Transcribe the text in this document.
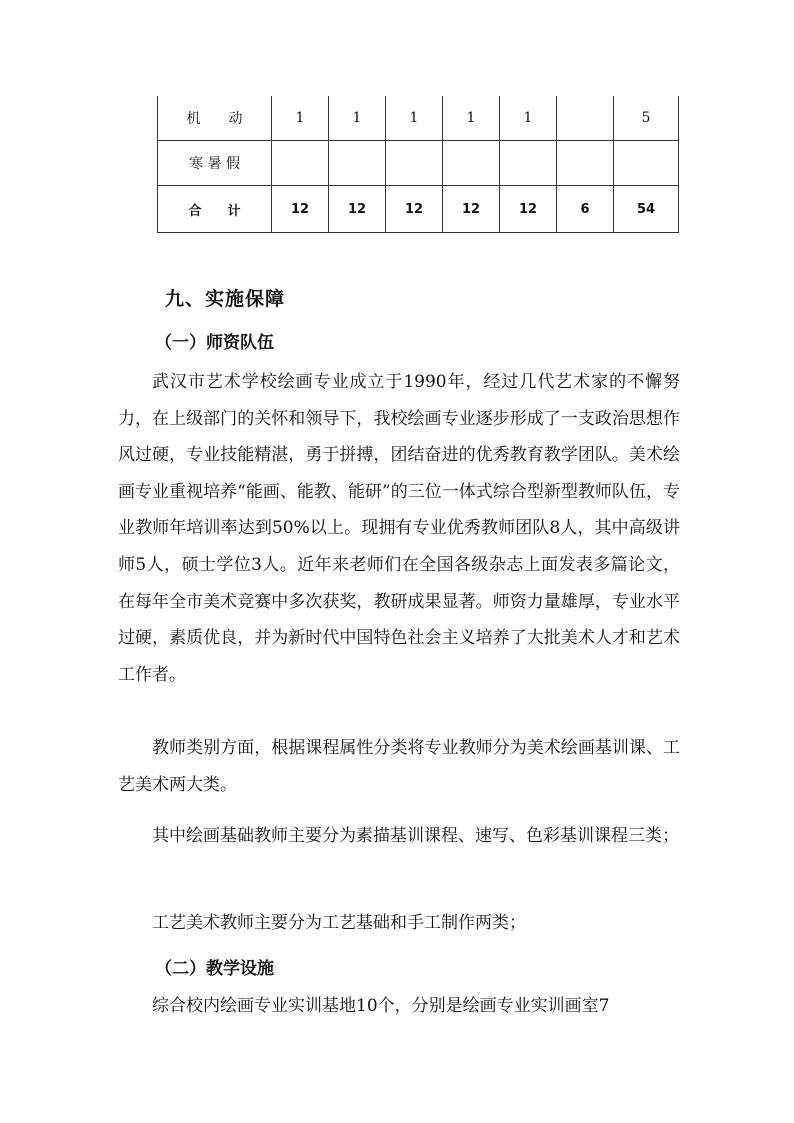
机　　动	1	1	1	1	1		5
寒 暑 假							
合　　计	12	12	12	12	12	6	54
九、实施保障
（一）师资队伍

武汉市艺术学校绘画专业成立于1990年，经过几代艺术家的不懈努力，在上级部门的关怀和领导下，我校绘画专业逐步形成了一支政治思想作风过硬，专业技能精湛，勇于拼搏，团结奋进的优秀教育教学团队。美术绘画专业重视培养“能画、能教、能研”的三位一体式综合型新型教师队伍，专业教师年培训率达到50%以上。现拥有专业优秀教师团队8人，其中高级讲师5人，硕士学位3人。近年来老师们在全国各级杂志上面发表多篇论文，在每年全市美术竞赛中多次获奖，教研成果显著。师资力量雄厚，专业水平过硬，素质优良，并为新时代中国特色社会主义培养了大批美术人才和艺术工作者。

教师类别方面，根据课程属性分类将专业教师分为美术绘画基训课、工艺美术两大类。

其中绘画基础教师主要分为素描基训课程、速写、色彩基训课程三类；

工艺美术教师主要分为工艺基础和手工制作两类；

（二）教学设施

综合校内绘画专业实训基地10个，分别是绘画专业实训画室7
